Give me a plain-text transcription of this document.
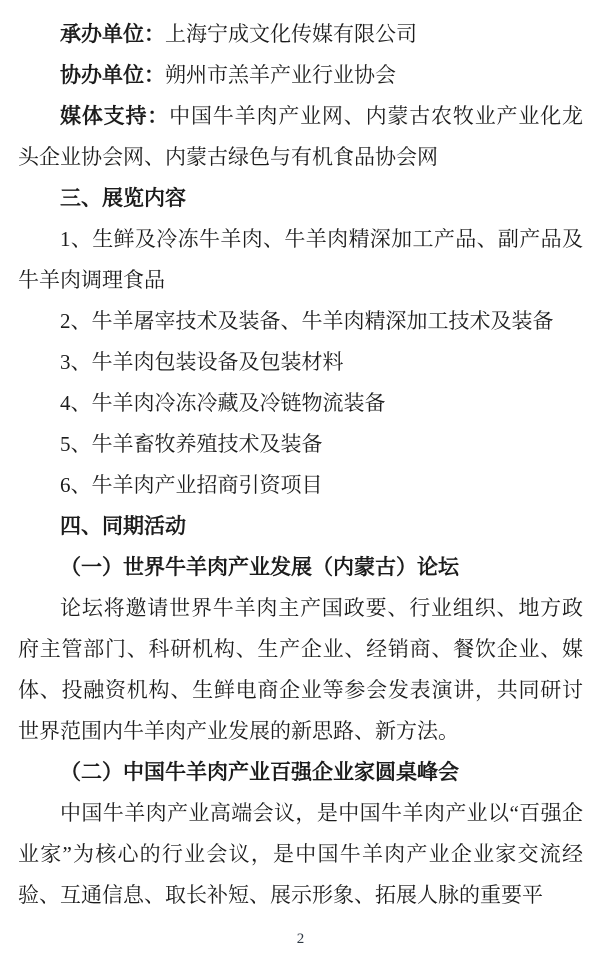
承办单位：上海宁成文化传媒有限公司

协办单位：朔州市羔羊产业行业协会

媒体支持：中国牛羊肉产业网、内蒙古农牧业产业化龙头企业协会网、内蒙古绿色与有机食品协会网

三、展览内容

1、生鲜及冷冻牛羊肉、牛羊肉精深加工产品、副产品及牛羊肉调理食品

2、牛羊屠宰技术及装备、牛羊肉精深加工技术及装备

3、牛羊肉包装设备及包装材料

4、牛羊肉冷冻冷藏及冷链物流装备

5、牛羊畜牧养殖技术及装备

6、牛羊肉产业招商引资项目

四、同期活动

（一）世界牛羊肉产业发展（内蒙古）论坛

论坛将邀请世界牛羊肉主产国政要、行业组织、地方政府主管部门、科研机构、生产企业、经销商、餐饮企业、媒体、投融资机构、生鲜电商企业等参会发表演讲，共同研讨世界范围内牛羊肉产业发展的新思路、新方法。

（二）中国牛羊肉产业百强企业家圆桌峰会

中国牛羊肉产业高端会议，是中国牛羊肉产业以“百强企业家”为核心的行业会议，是中国牛羊肉产业企业家交流经验、互通信息、取长补短、展示形象、拓展人脉的重要平

2
